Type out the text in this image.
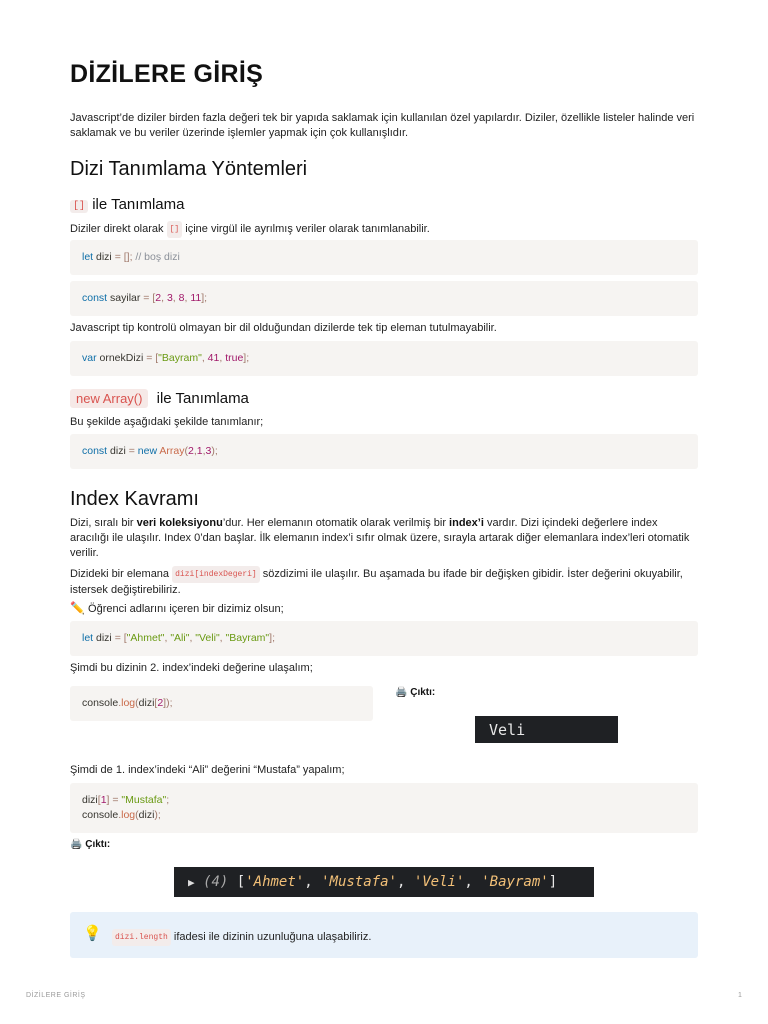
DİZİLERE GİRİŞ

Javascript’de diziler birden fazla değeri tek bir yapıda saklamak için kullanılan özel yapılardır. Diziler, özellikle listeler halinde veri saklamak ve bu veriler üzerinde işlemler yapmak için çok kullanışlıdır.

Dizi Tanımlama Yöntemleri
[] ile Tanımlama

Diziler direkt olarak [] içine virgül ile ayrılmış veriler olarak tanımlanabilir.

let dizi = []; // boş dizi
const sayilar = [2, 3, 8, 11];

Javascript tip kontrolü olmayan bir dil olduğundan dizilerde tek tip eleman tutulmayabilir.

var ornekDizi = ["Bayram", 41, true];
new Array() ile Tanımlama

Bu şekilde aşağıdaki şekilde tanımlanır;

const dizi = new Array(2,1,3);
Index Kavramı

Dizi, sıralı bir veri koleksiyonu’dur. Her elemanın otomatik olarak verilmiş bir index’i vardır. Dizi içindeki değerlere index aracılığı ile ulaşılır. Index 0’dan başlar. İlk elemanın index’i sıfır olmak üzere, sırayla artarak diğer elemanlara index’leri otomatik verilir.

Dizideki bir elemana dizi[indexDegeri] sözdizimi ile ulaşılır. Bu aşamada bu ifade bir değişken gibidir. İster değerini okuyabilir, istersek değiştirebiliriz.

✏️ Öğrenci adlarını içeren bir dizimiz olsun;

let dizi = ["Ahmet", "Ali", "Veli", "Bayram"];

Şimdi bu dizinin 2. index’indeki değerine ulaşalım;

console.log(dizi[2]);
🖨️ Çıktı:
Veli

Şimdi de 1. index’indeki “Ali” değerini “Mustafa” yapalım;

dizi[1] = "Mustafa";
console.log(dizi);
🖨️ Çıktı:
▶ (4) ['Ahmet', 'Mustafa', 'Veli', 'Bayram']
💡	dizi.length ifadesi ile dizinin uzunluğuna ulaşabiliriz.
DİZİLERE GİRİŞ	1
